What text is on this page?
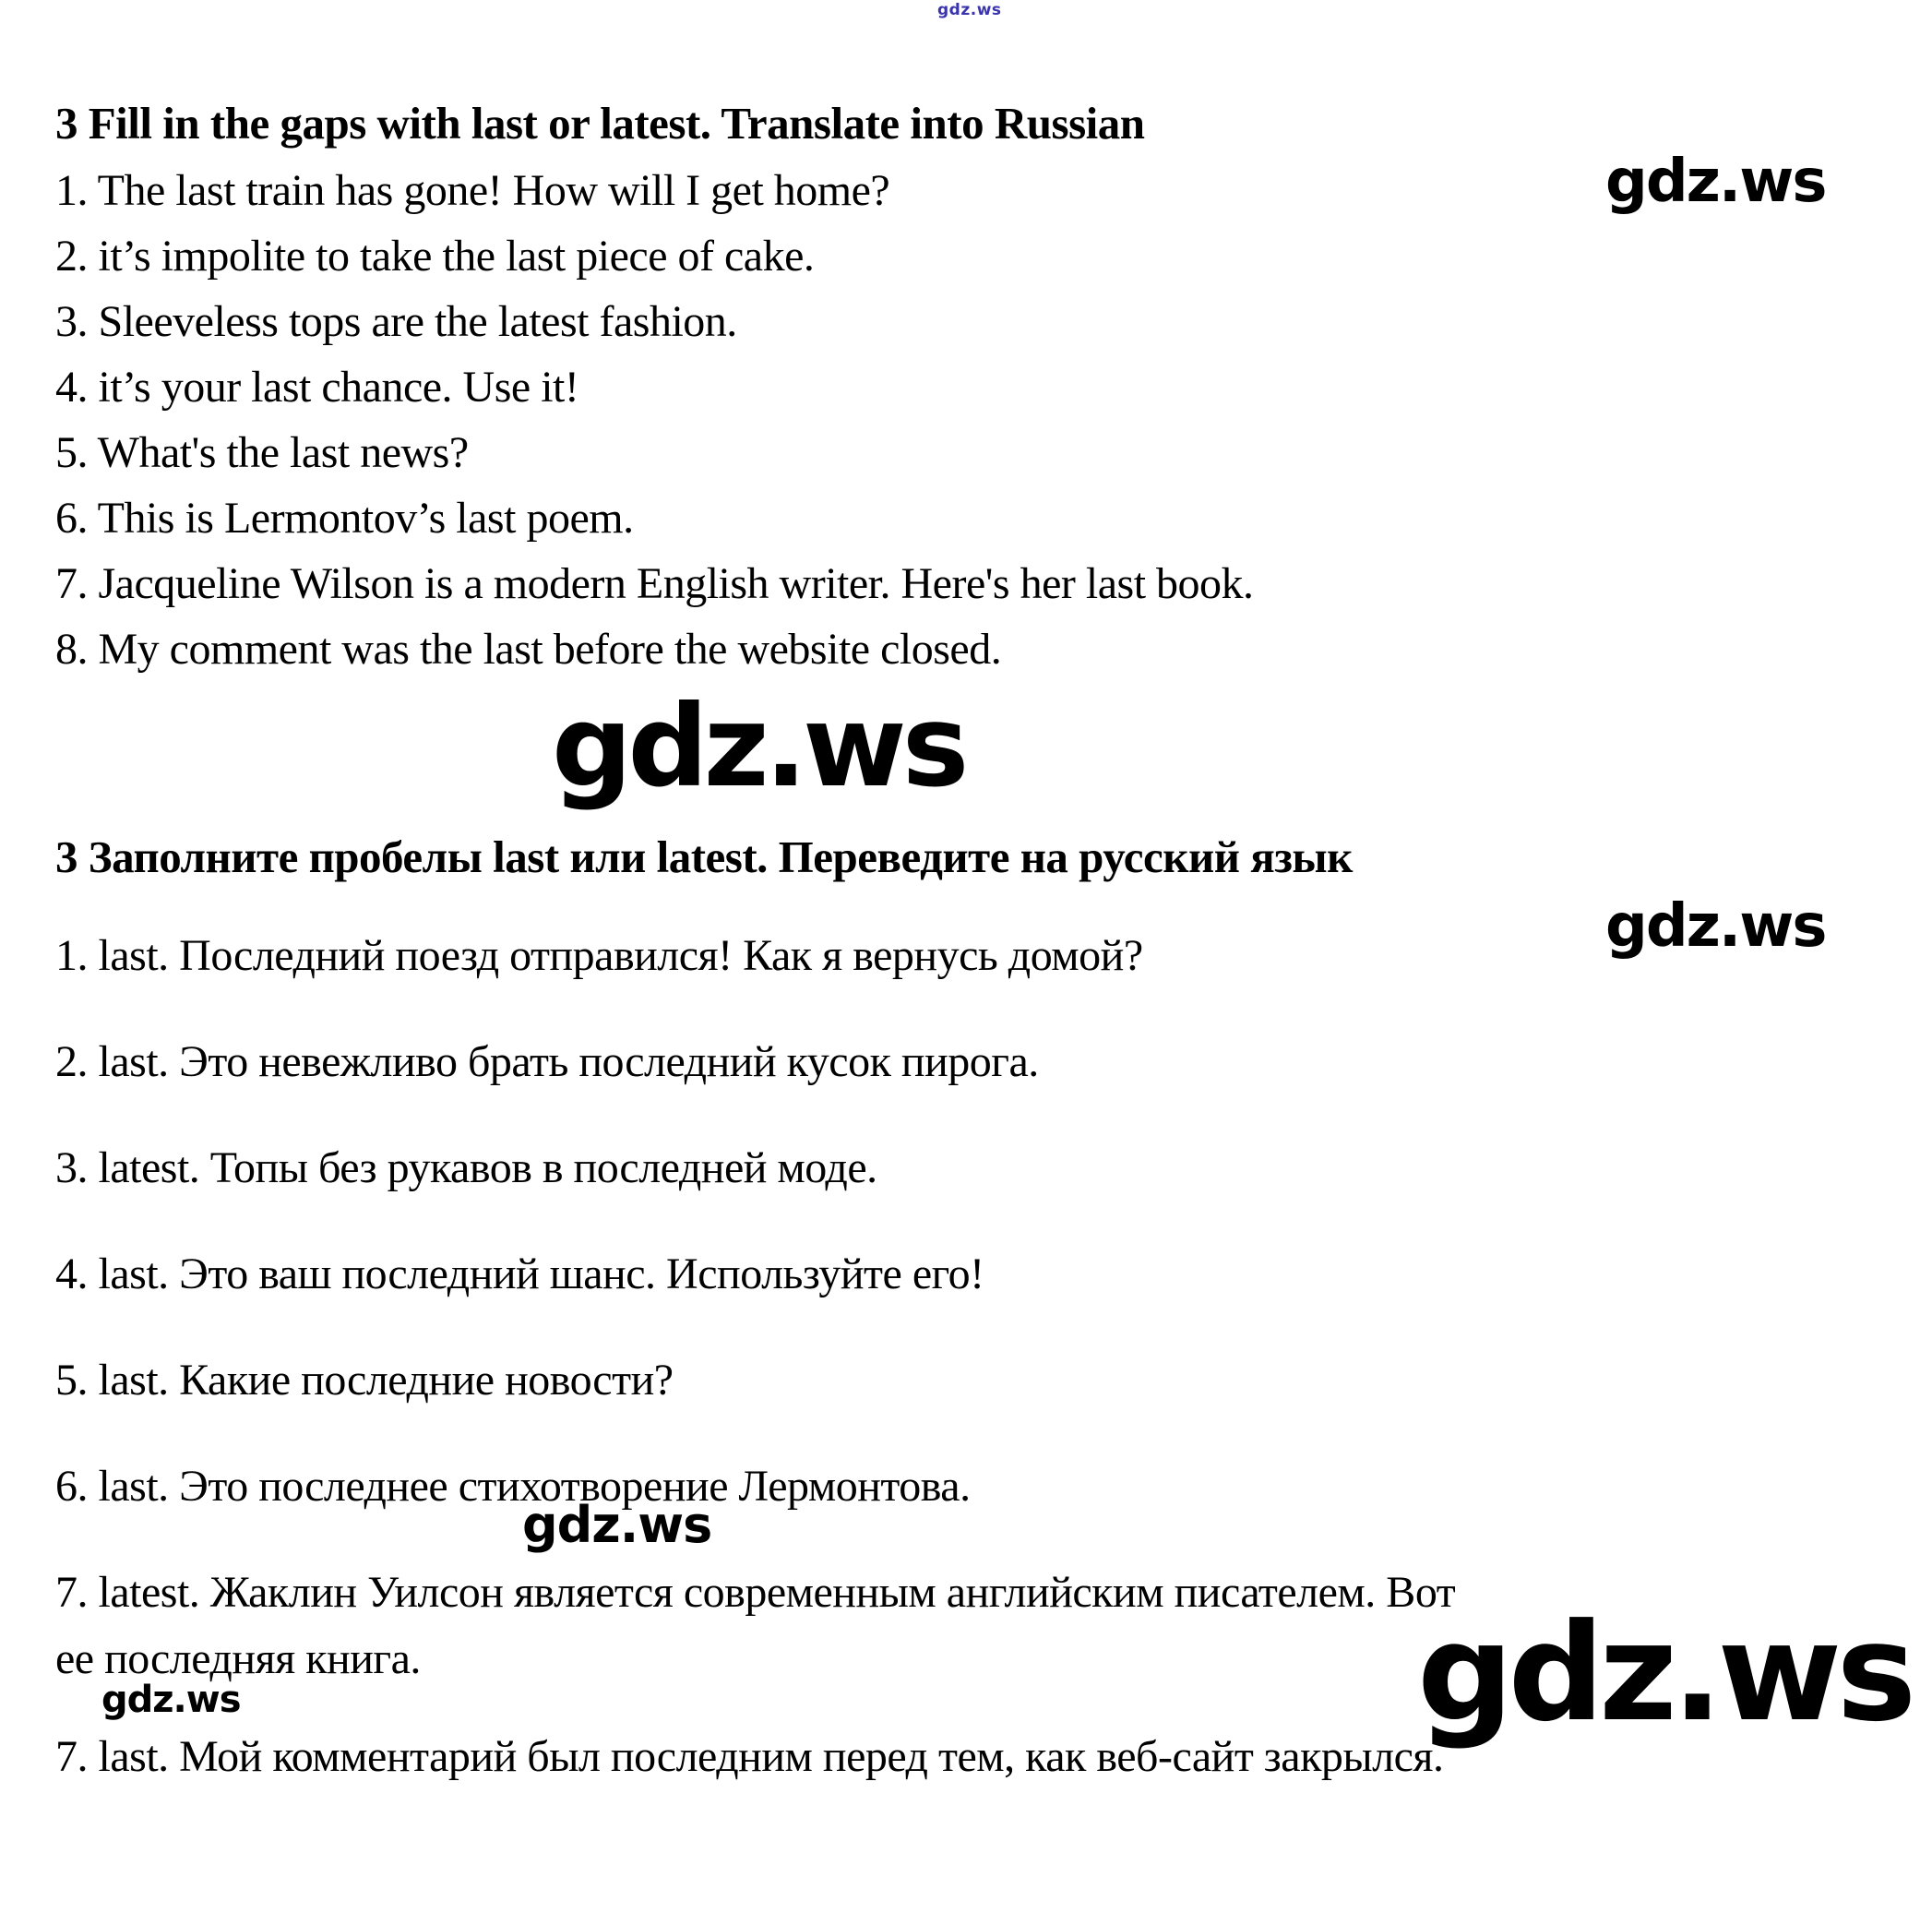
gdz.ws
gdz.ws
gdz.ws
gdz.ws
gdz.ws
gdz.ws	gdz.ws
3 Fill in the gaps with last or latest. Translate into Russian
1. The last train has gone! How will I get home?
2. it’s impolite to take the last piece of cake.
3. Sleeveless tops are the latest fashion.
4. it’s your last chance. Use it!
5. What's the last news?
6. This is Lermontov’s last poem.
7. Jacqueline Wilson is a modern English writer. Here's her last book.
8. My comment was the last before the website closed.
3 Заполните пробелы last или latest. Переведите на русский язык
1. last. Последний поезд отправился! Как я вернусь домой?
2. last. Это невежливо брать последний кусок пирога.
3. latest. Топы без рукавов в последней моде.
4. last. Это ваш последний шанс. Используйте его!
5. last. Какие последние новости?
6. last. Это последнее стихотворение Лермонтова.
7. latest. Жаклин Уилсон является современным английским писателем. Вот
ее последняя книга.
7. last. Мой комментарий был последним перед тем, как веб-сайт закрылся.
